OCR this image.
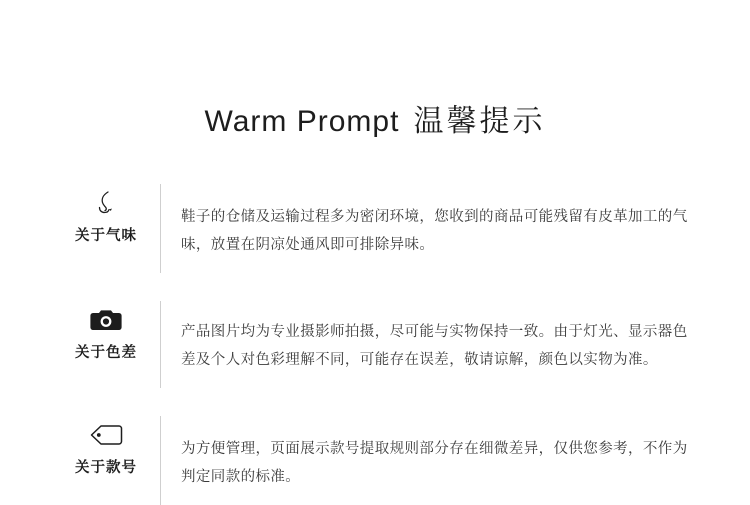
Warm Prompt 温馨提示
关于气味

鞋子的仓储及运输过程多为密闭环境，您收到的商品可能残留有皮革加工的气味，放置在阴凉处通风即可排除异味。

关于色差

产品图片均为专业摄影师拍摄，尽可能与实物保持一致。由于灯光、显示器色差及个人对色彩理解不同，可能存在误差，敬请谅解，颜色以实物为准。

关于款号

为方便管理，页面展示款号提取规则部分存在细微差异，仅供您参考，不作为判定同款的标准。
